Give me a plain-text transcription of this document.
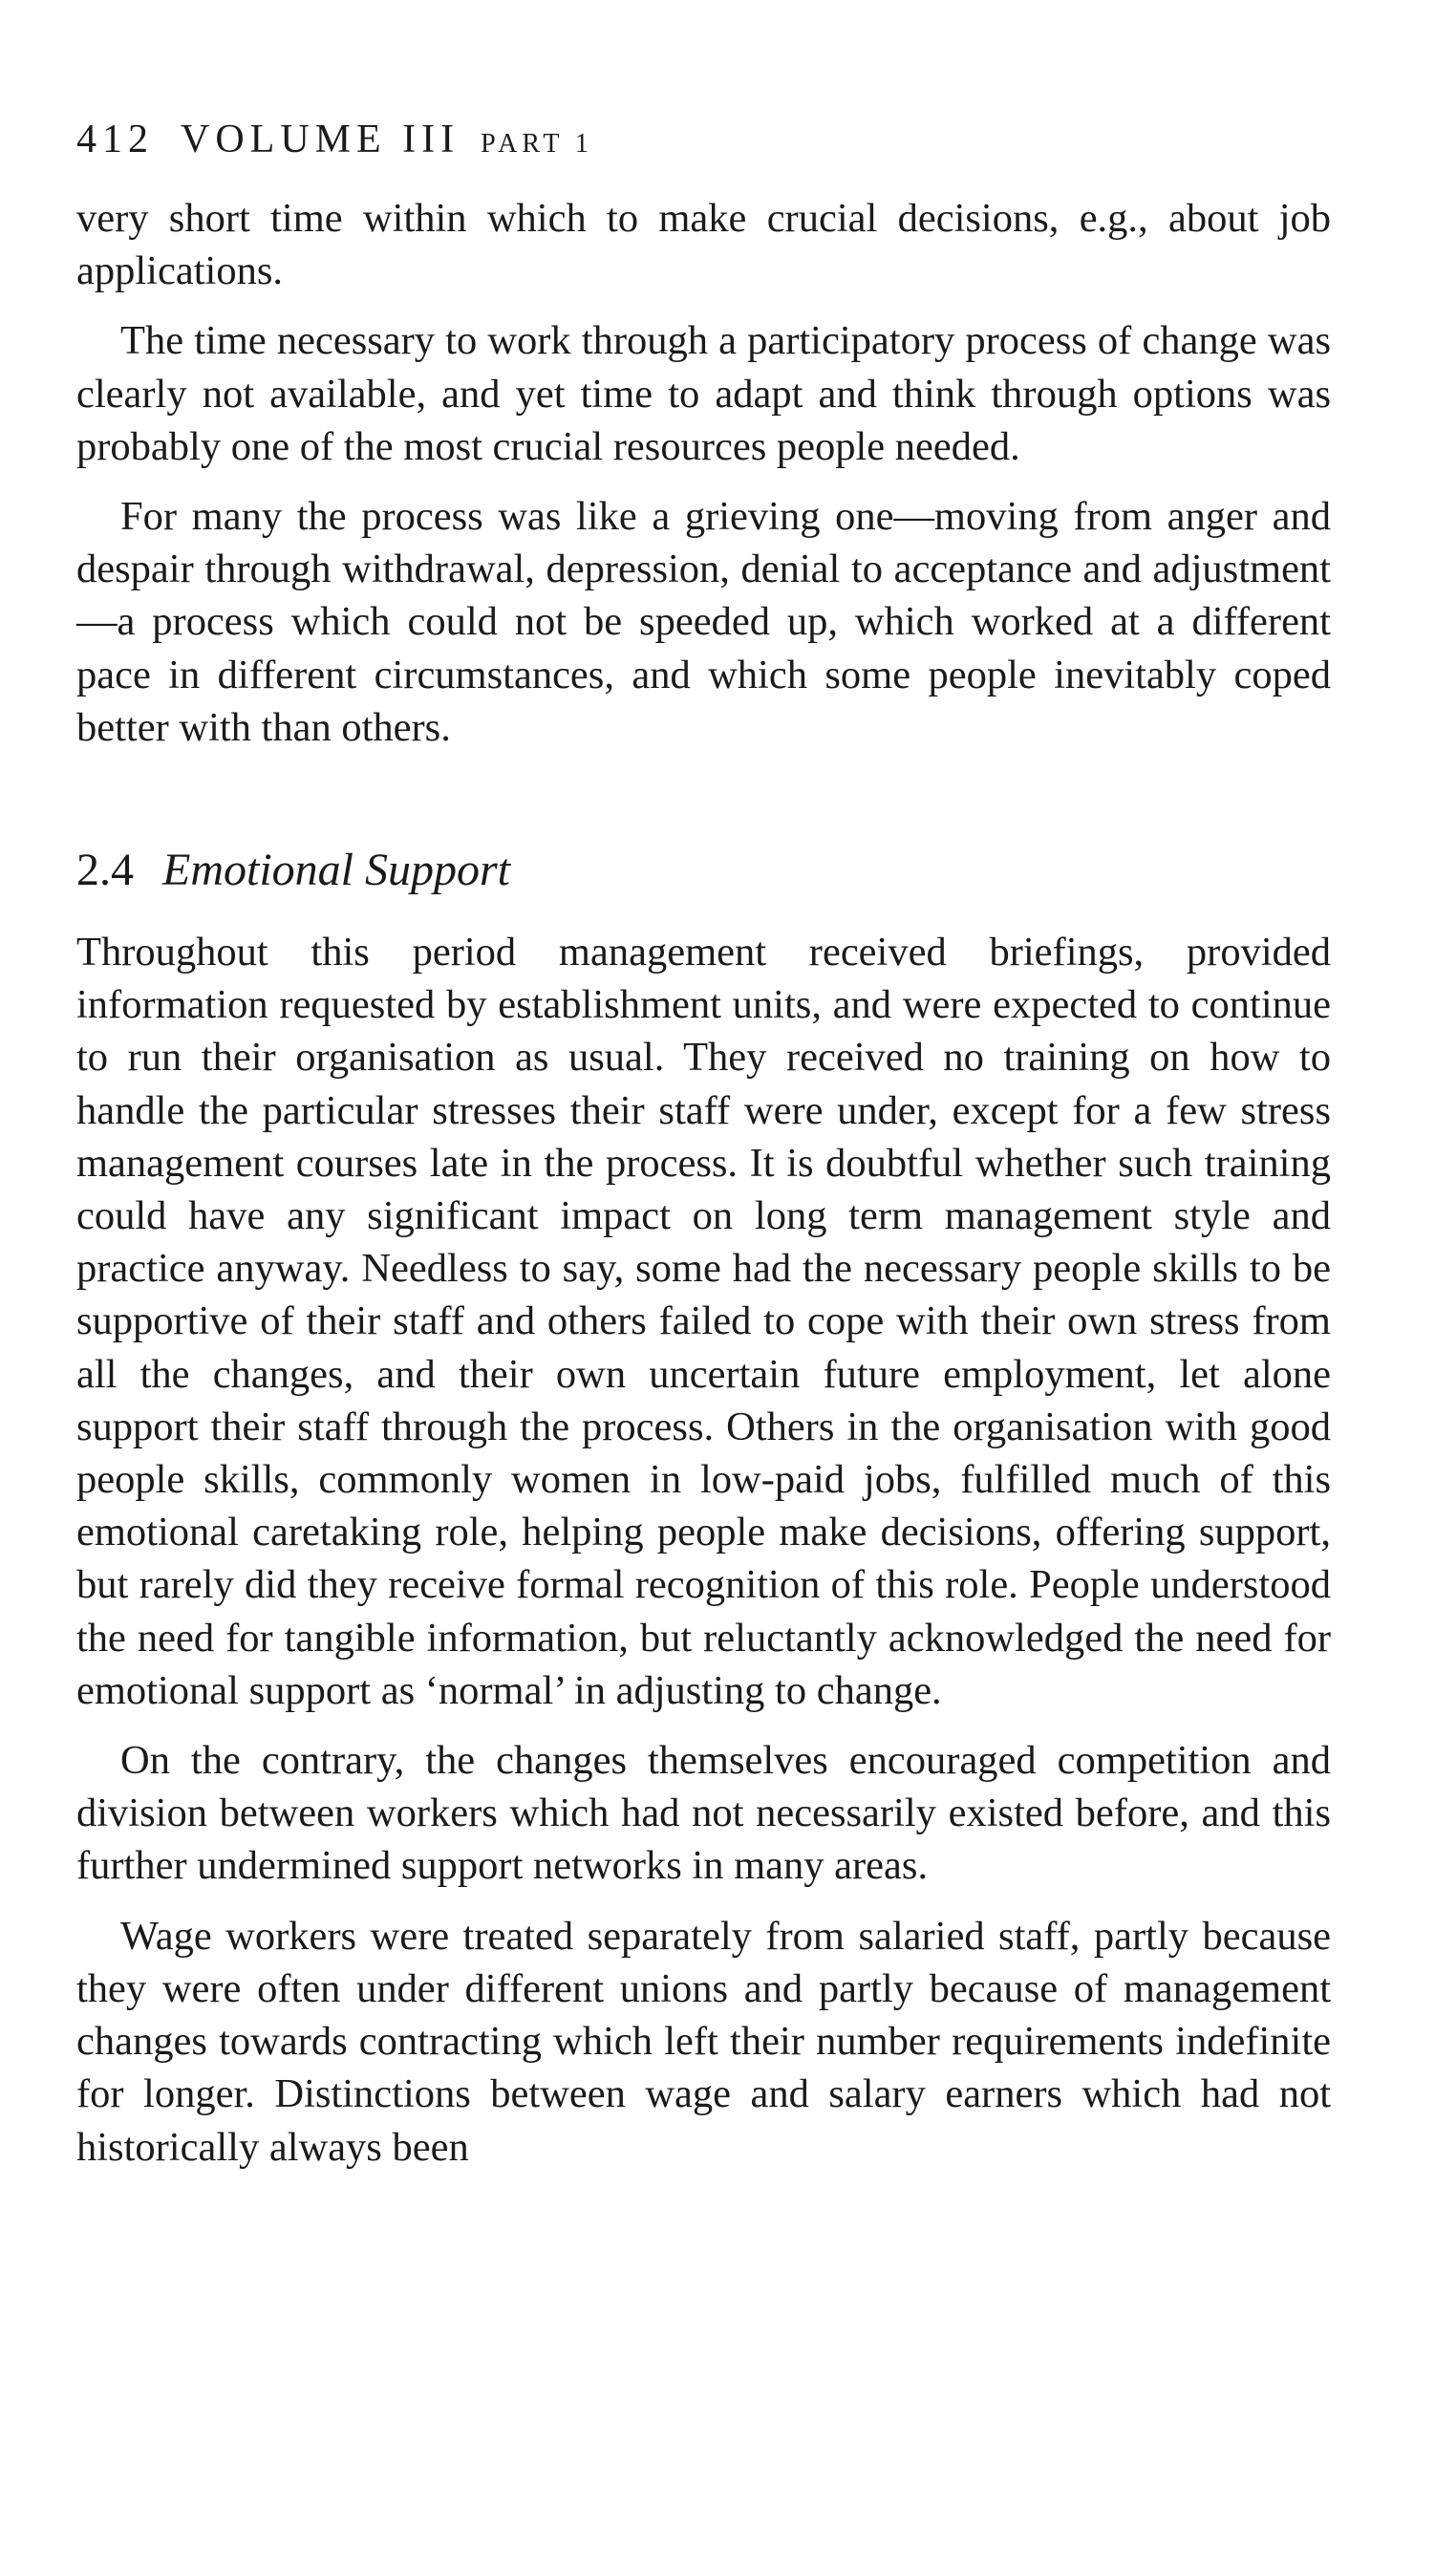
412 VOLUME III PART 1

very short time within which to make crucial decisions, e.g., about job applications.

The time necessary to work through a participatory process of change was clearly not available, and yet time to adapt and think through options was probably one of the most crucial resources people needed.

For many the process was like a grieving one—moving from anger and despair through withdrawal, depression, denial to acceptance and adjustment—a process which could not be speeded up, which worked at a different pace in different circumstances, and which some people inevitably coped better with than others.

2.4 Emotional Support

Throughout this period management received briefings, provided information requested by establishment units, and were expected to continue to run their organisation as usual. They received no training on how to handle the particular stresses their staff were under, except for a few stress management courses late in the process. It is doubtful whether such training could have any significant impact on long term management style and practice anyway. Needless to say, some had the necessary people skills to be supportive of their staff and others failed to cope with their own stress from all the changes, and their own uncertain future employment, let alone support their staff through the process. Others in the organisation with good people skills, commonly women in low-paid jobs, fulfilled much of this emotional caretaking role, helping people make decisions, offering support, but rarely did they receive formal recognition of this role. People understood the need for tangible information, but reluctantly acknowledged the need for emotional support as ‘normal’ in adjusting to change.

On the contrary, the changes themselves encouraged competition and division between workers which had not necessarily existed before, and this further undermined support networks in many areas.

Wage workers were treated separately from salaried staff, partly because they were often under different unions and partly because of management changes towards contracting which left their number requirements indefinite for longer. Distinctions between wage and salary earners which had not historically always been
